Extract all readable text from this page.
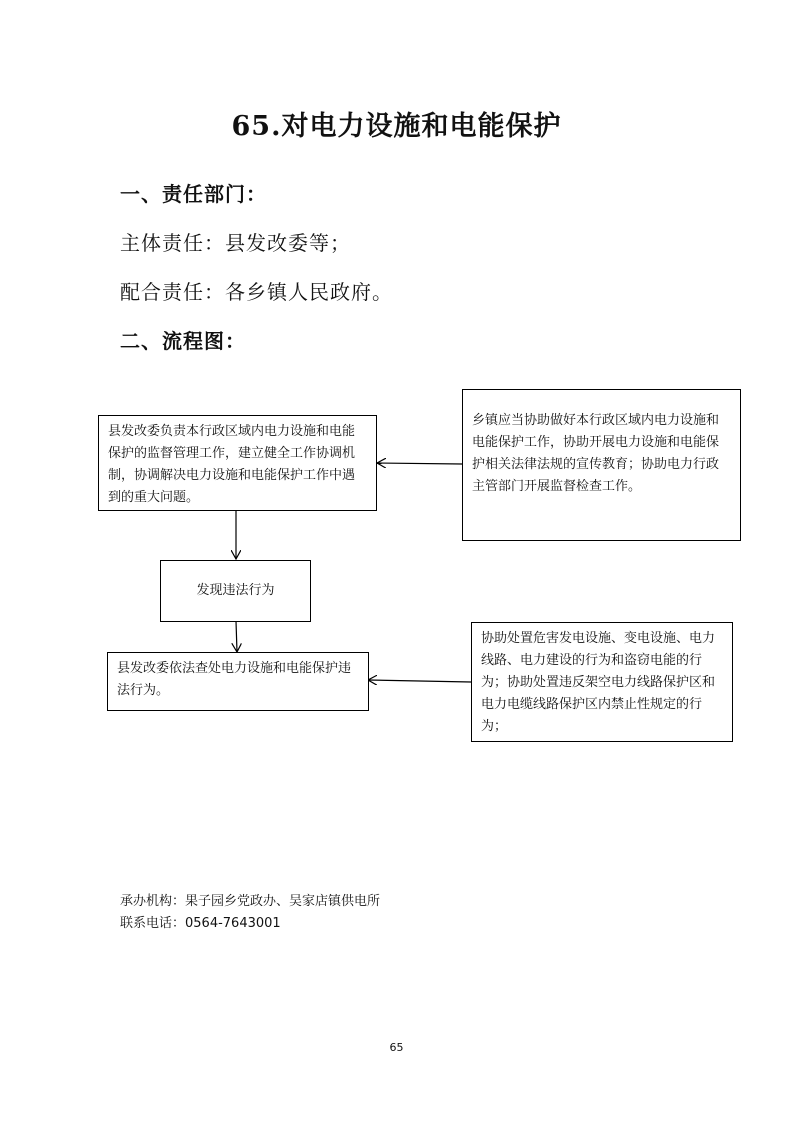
65.对电力设施和电能保护
一、责任部门：
主体责任：县发改委等；
配合责任：各乡镇人民政府。
二、流程图：
县发改委负责本行政区域内电力设施和电能保护的监督管理工作，建立健全工作协调机制，协调解决电力设施和电能保护工作中遇到的重大问题。
乡镇应当协助做好本行政区域内电力设施和电能保护工作，协助开展电力设施和电能保护相关法律法规的宣传教育；协助电力行政主管部门开展监督检查工作。
发现违法行为
县发改委依法查处电力设施和电能保护违法行为。
协助处置危害发电设施、变电设施、电力线路、电力建设的行为和盗窃电能的行为；协助处置违反架空电力线路保护区和电力电缆线路保护区内禁止性规定的行为；
承办机构：果子园乡党政办、吴家店镇供电所
联系电话：0564-7643001
65
